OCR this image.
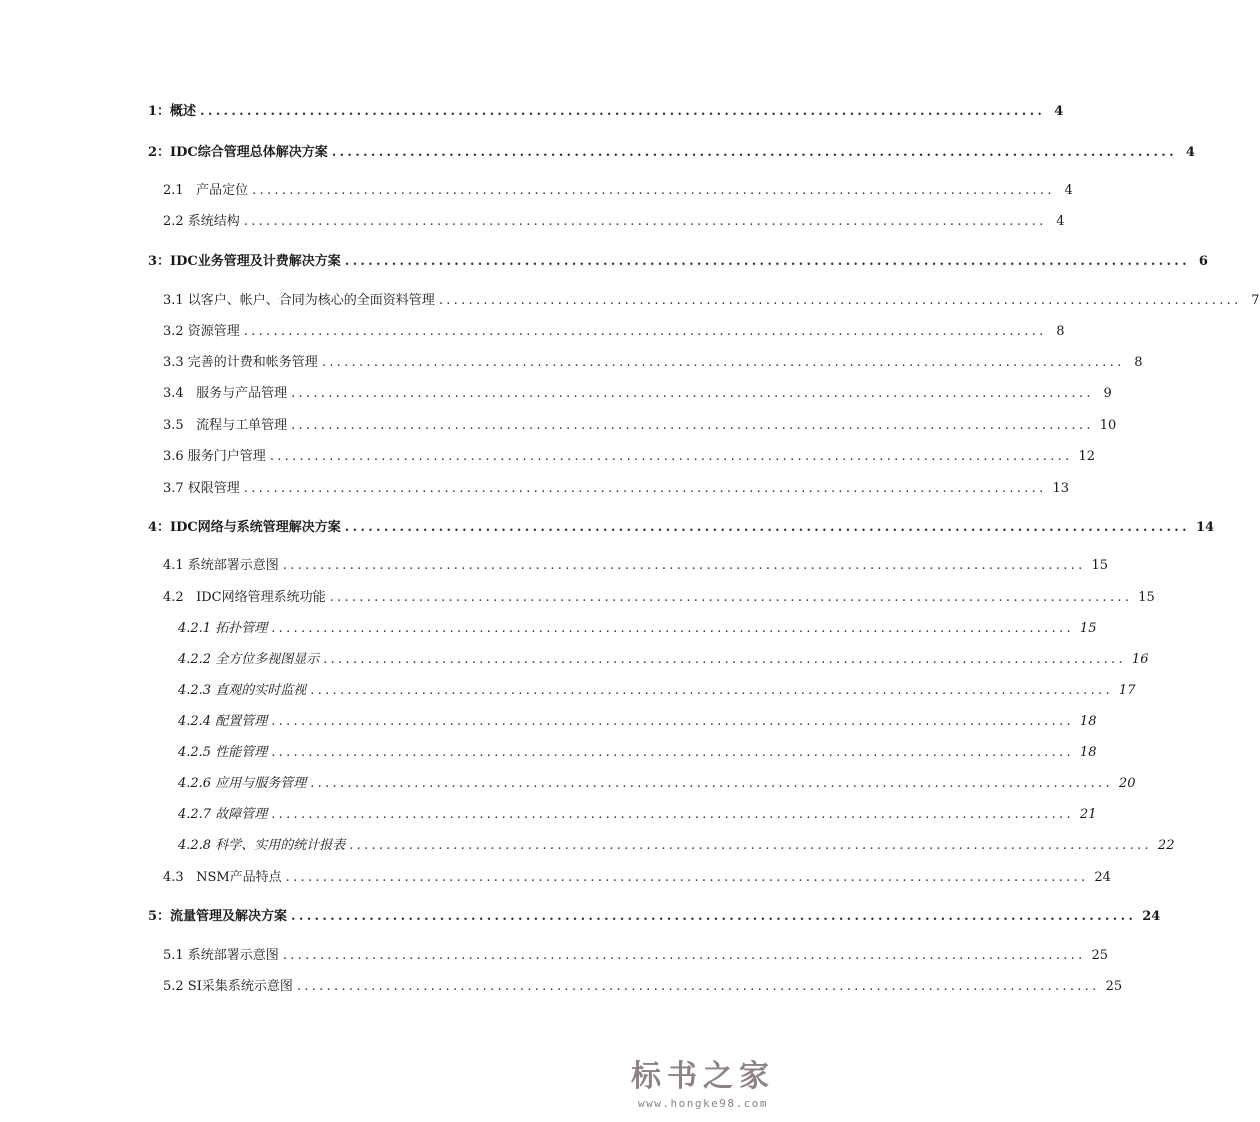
1：概述 ............................................................................................................ 4
2：IDC综合管理总体解决方案 ............................................................................................................ 4
2.1   产品定位 ............................................................................................................ 4
2.2 系统结构 ............................................................................................................ 4
3：IDC业务管理及计费解决方案 ............................................................................................................ 6
3.1 以客户、帐户、合同为核心的全面资料管理 ............................................................................................................ 7
3.2 资源管理 ............................................................................................................ 8
3.3 完善的计费和帐务管理 ............................................................................................................ 8
3.4   服务与产品管理 ............................................................................................................ 9
3.5   流程与工单管理 ............................................................................................................ 10
3.6 服务门户管理 ............................................................................................................ 12
3.7 权限管理 ............................................................................................................ 13
4：IDC网络与系统管理解决方案 ............................................................................................................ 14
4.1 系统部署示意图 ............................................................................................................ 15
4.2   IDC网络管理系统功能 ............................................................................................................ 15
4.2.1 拓扑管理 ............................................................................................................ 15
4.2.2 全方位多视图显示 ............................................................................................................ 16
4.2.3 直观的实时监视 ............................................................................................................ 17
4.2.4 配置管理 ............................................................................................................ 18
4.2.5 性能管理 ............................................................................................................ 18
4.2.6 应用与服务管理 ............................................................................................................ 20
4.2.7 故障管理 ............................................................................................................ 21
4.2.8 科学、实用的统计报表 ............................................................................................................ 22
4.3   NSM产品特点 ............................................................................................................ 24
5：流量管理及解决方案 ............................................................................................................ 24
5.1 系统部署示意图 ............................................................................................................ 25
5.2 SI采集系统示意图 ............................................................................................................ 25
标书之家
www.hongke98.com
